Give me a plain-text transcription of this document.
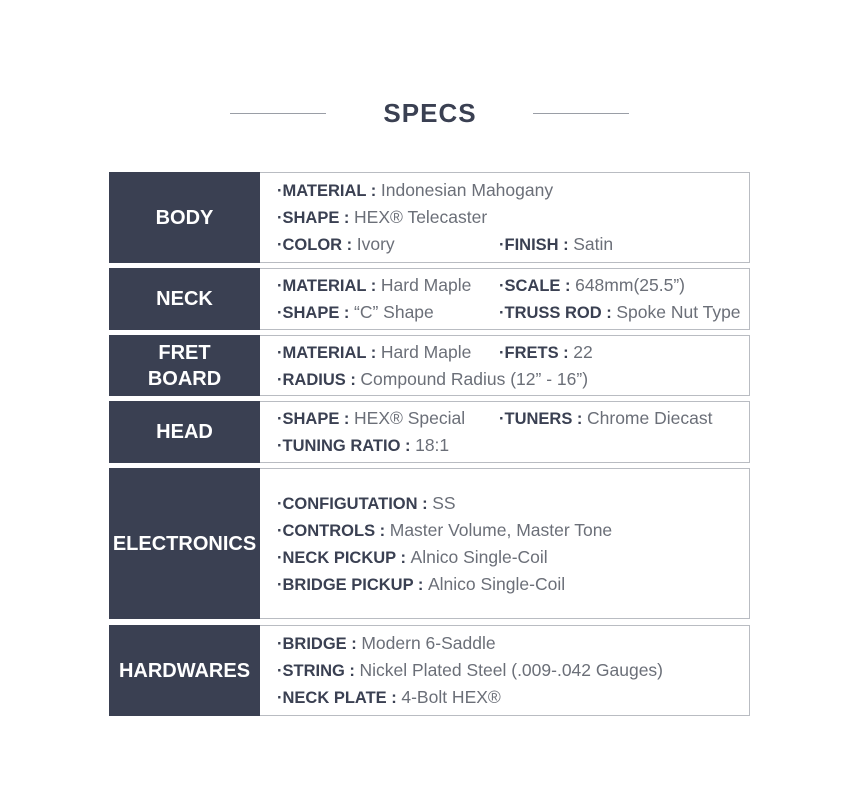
SPECS
BODY
·MATERIAL : Indonesian Mahogany
·SHAPE : HEX® Telecaster
·COLOR : Ivory	·FINISH : Satin
NECK
·MATERIAL : Hard Maple	·SCALE : 648mm(25.5”)
·SHAPE : “C” Shape	·TRUSS ROD : Spoke Nut Type
FRET BOARD
·MATERIAL : Hard Maple	·FRETS : 22
·RADIUS : Compound Radius (12” - 16”)
HEAD
·SHAPE : HEX® Special	·TUNERS : Chrome Diecast
·TUNING RATIO : 18:1
ELECTRONICS
·CONFIGUTATION : SS
·CONTROLS : Master Volume, Master Tone
·NECK PICKUP : Alnico Single-Coil
·BRIDGE PICKUP : Alnico Single-Coil
HARDWARES
·BRIDGE : Modern 6-Saddle
·STRING : Nickel Plated Steel (.009-.042 Gauges)
·NECK PLATE : 4-Bolt HEX®
